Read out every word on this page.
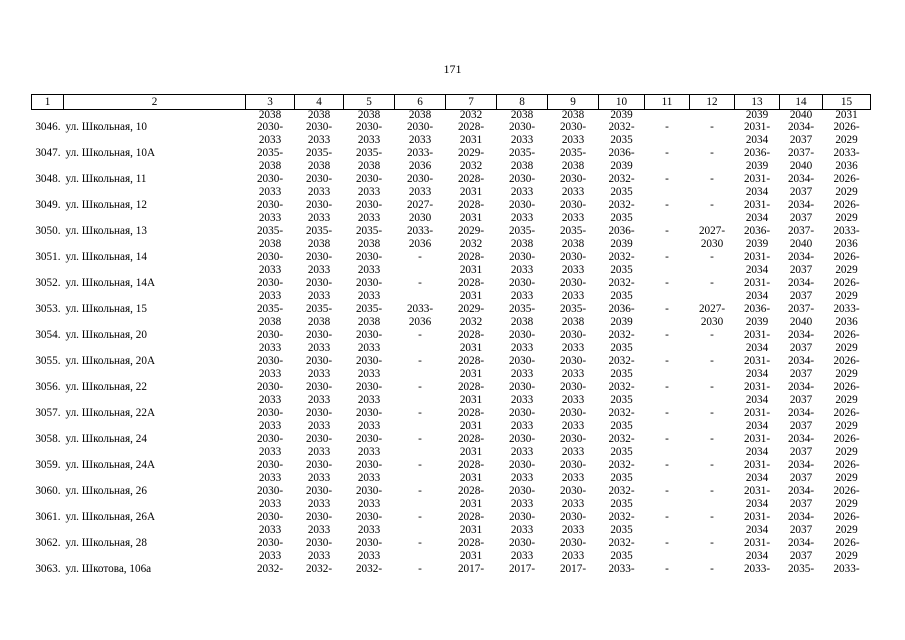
171
1	2	3	4	5	6	7	8	9	10	11	12	13	14	15
		2038	2038	2038	2038	2032	2038	2038	2039			2039	2040	2031
3046.	ул. Школьная, 10	2030-	2030-	2030-	2030-	2028-	2030-	2030-	2032-	-	-	2031-	2034-	2026-
		2033	2033	2033	2033	2031	2033	2033	2035			2034	2037	2029
3047.	ул. Школьная, 10А	2035-	2035-	2035-	2033-	2029-	2035-	2035-	2036-	-	-	2036-	2037-	2033-
		2038	2038	2038	2036	2032	2038	2038	2039			2039	2040	2036
3048.	ул. Школьная, 11	2030-	2030-	2030-	2030-	2028-	2030-	2030-	2032-	-	-	2031-	2034-	2026-
		2033	2033	2033	2033	2031	2033	2033	2035			2034	2037	2029
3049.	ул. Школьная, 12	2030-	2030-	2030-	2027-	2028-	2030-	2030-	2032-	-	-	2031-	2034-	2026-
		2033	2033	2033	2030	2031	2033	2033	2035			2034	2037	2029
3050.	ул. Школьная, 13	2035-	2035-	2035-	2033-	2029-	2035-	2035-	2036-	-	2027-	2036-	2037-	2033-
		2038	2038	2038	2036	2032	2038	2038	2039		2030	2039	2040	2036
3051.	ул. Школьная, 14	2030-	2030-	2030-	-	2028-	2030-	2030-	2032-	-	-	2031-	2034-	2026-
		2033	2033	2033		2031	2033	2033	2035			2034	2037	2029
3052.	ул. Школьная, 14А	2030-	2030-	2030-	-	2028-	2030-	2030-	2032-	-	-	2031-	2034-	2026-
		2033	2033	2033		2031	2033	2033	2035			2034	2037	2029
3053.	ул. Школьная, 15	2035-	2035-	2035-	2033-	2029-	2035-	2035-	2036-	-	2027-	2036-	2037-	2033-
		2038	2038	2038	2036	2032	2038	2038	2039		2030	2039	2040	2036
3054.	ул. Школьная, 20	2030-	2030-	2030-	-	2028-	2030-	2030-	2032-	-	-	2031-	2034-	2026-
		2033	2033	2033		2031	2033	2033	2035			2034	2037	2029
3055.	ул. Школьная, 20А	2030-	2030-	2030-	-	2028-	2030-	2030-	2032-	-	-	2031-	2034-	2026-
		2033	2033	2033		2031	2033	2033	2035			2034	2037	2029
3056.	ул. Школьная, 22	2030-	2030-	2030-	-	2028-	2030-	2030-	2032-	-	-	2031-	2034-	2026-
		2033	2033	2033		2031	2033	2033	2035			2034	2037	2029
3057.	ул. Школьная, 22А	2030-	2030-	2030-	-	2028-	2030-	2030-	2032-	-	-	2031-	2034-	2026-
		2033	2033	2033		2031	2033	2033	2035			2034	2037	2029
3058.	ул. Школьная, 24	2030-	2030-	2030-	-	2028-	2030-	2030-	2032-	-	-	2031-	2034-	2026-
		2033	2033	2033		2031	2033	2033	2035			2034	2037	2029
3059.	ул. Школьная, 24А	2030-	2030-	2030-	-	2028-	2030-	2030-	2032-	-	-	2031-	2034-	2026-
		2033	2033	2033		2031	2033	2033	2035			2034	2037	2029
3060.	ул. Школьная, 26	2030-	2030-	2030-	-	2028-	2030-	2030-	2032-	-	-	2031-	2034-	2026-
		2033	2033	2033		2031	2033	2033	2035			2034	2037	2029
3061.	ул. Школьная, 26А	2030-	2030-	2030-	-	2028-	2030-	2030-	2032-	-	-	2031-	2034-	2026-
		2033	2033	2033		2031	2033	2033	2035			2034	2037	2029
3062.	ул. Школьная, 28	2030-	2030-	2030-	-	2028-	2030-	2030-	2032-	-	-	2031-	2034-	2026-
		2033	2033	2033		2031	2033	2033	2035			2034	2037	2029
3063.	ул. Шкотова, 106а	2032-	2032-	2032-	-	2017-	2017-	2017-	2033-	-	-	2033-	2035-	2033-
